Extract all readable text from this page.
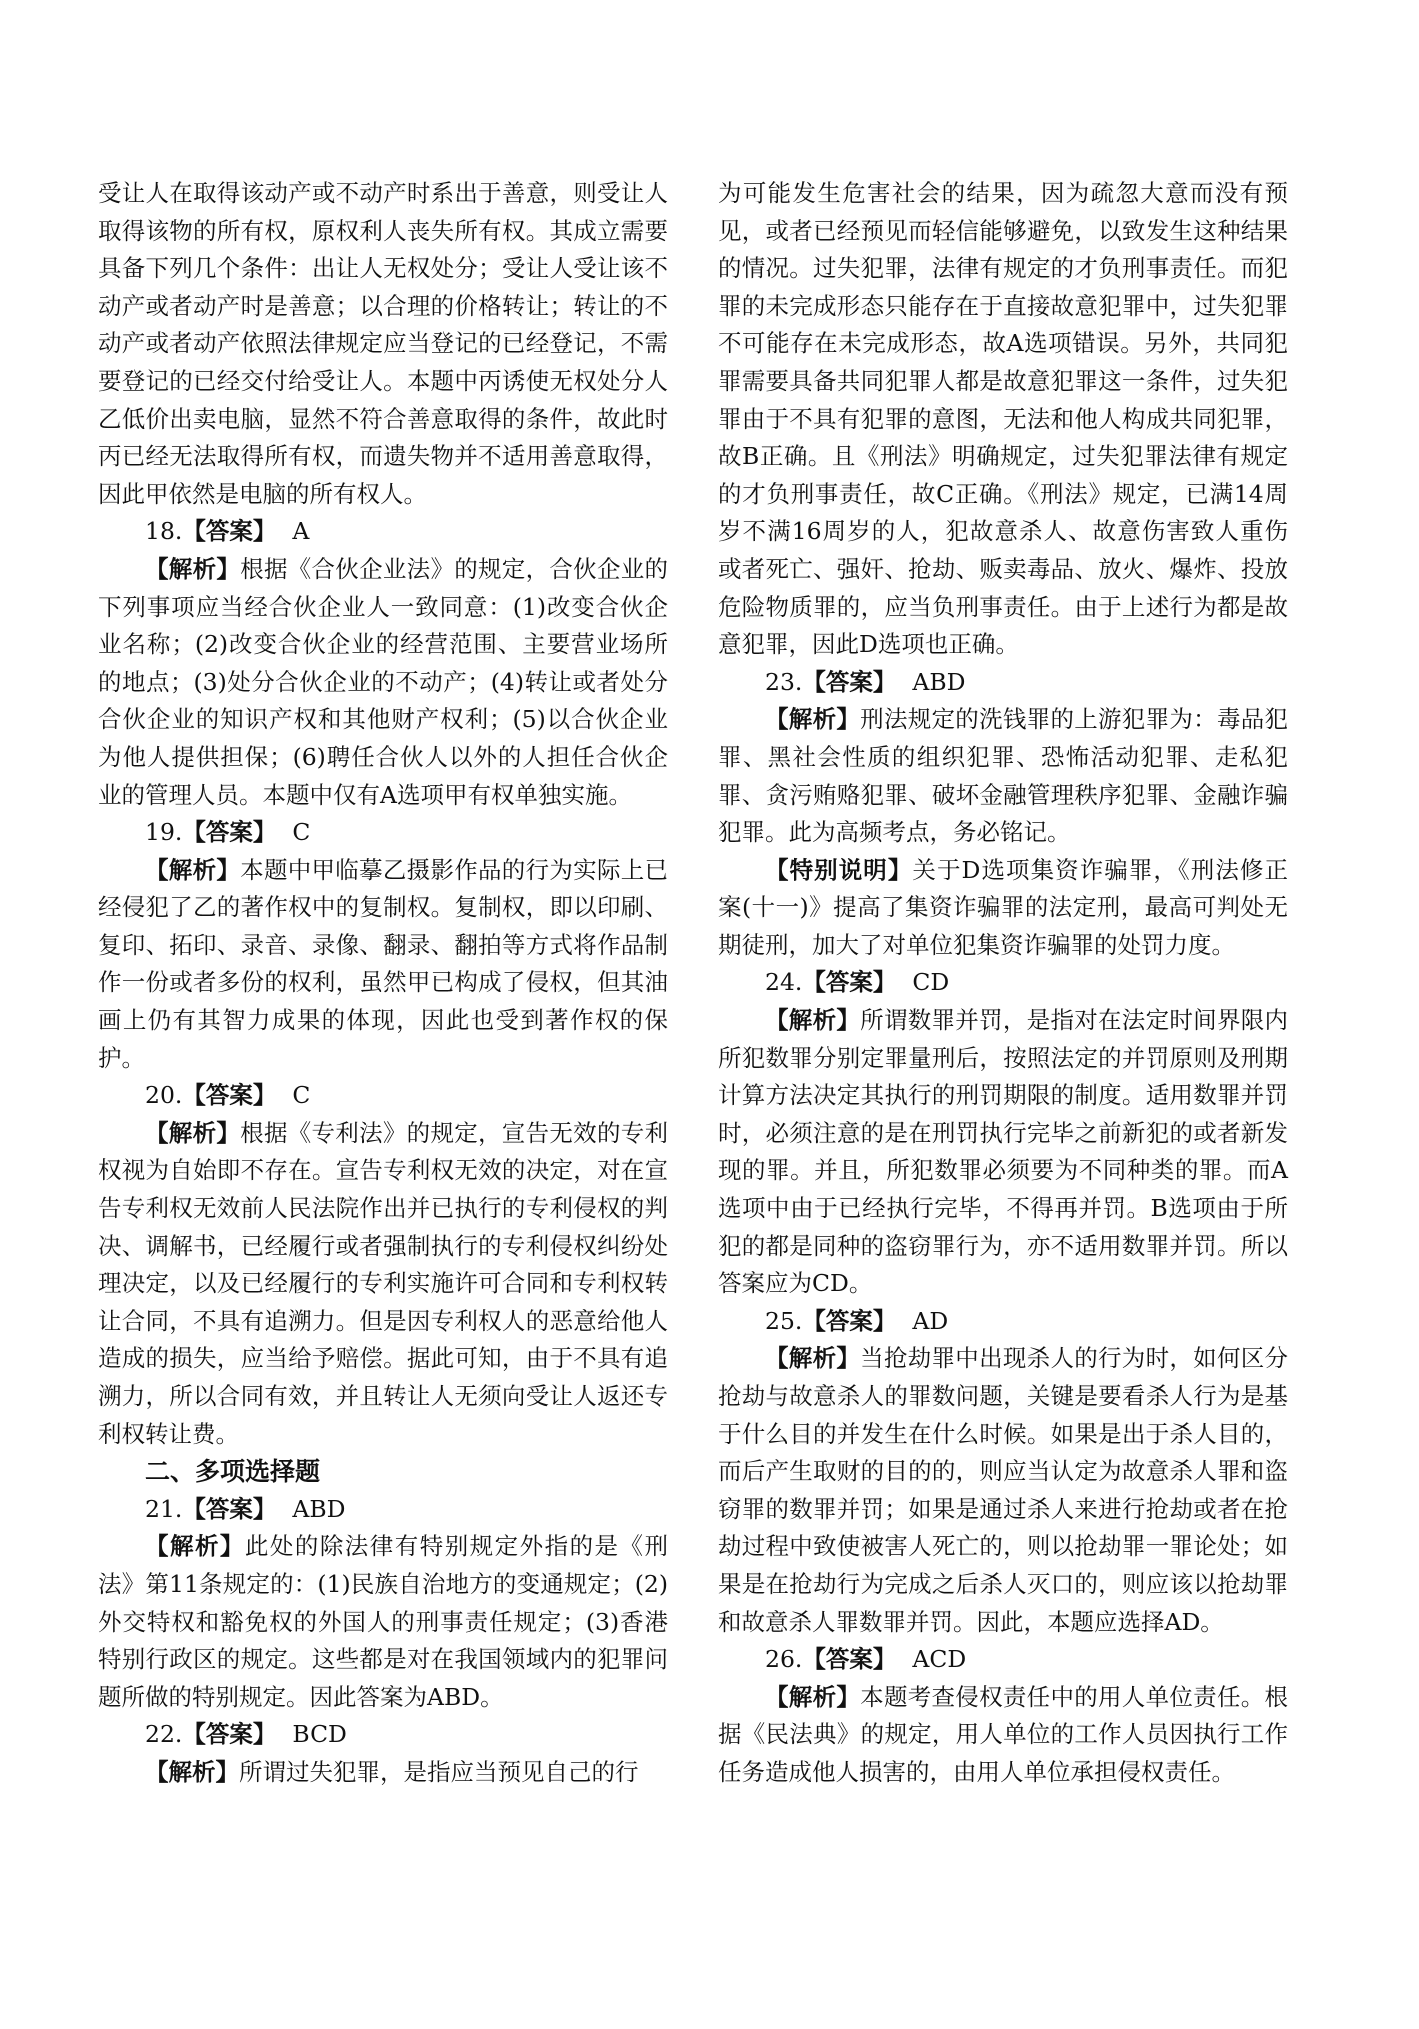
受让人在取得该动产或不动产时系出于善意，则受让人取得该物的所有权，原权利人丧失所有权。其成立需要具备下列几个条件：出让人无权处分；受让人受让该不动产或者动产时是善意；以合理的价格转让；转让的不动产或者动产依照法律规定应当登记的已经登记，不需要登记的已经交付给受让人。本题中丙诱使无权处分人乙低价出卖电脑，显然不符合善意取得的条件，故此时丙已经无法取得所有权，而遗失物并不适用善意取得，因此甲依然是电脑的所有权人。

18.【答案】 A

【解析】根据《合伙企业法》的规定，合伙企业的下列事项应当经合伙企业人一致同意：(1)改变合伙企业名称；(2)改变合伙企业的经营范围、主要营业场所的地点；(3)处分合伙企业的不动产；(4)转让或者处分合伙企业的知识产权和其他财产权利；(5)以合伙企业为他人提供担保；(6)聘任合伙人以外的人担任合伙企业的管理人员。本题中仅有A选项甲有权单独实施。

19.【答案】 C

【解析】本题中甲临摹乙摄影作品的行为实际上已经侵犯了乙的著作权中的复制权。复制权，即以印刷、复印、拓印、录音、录像、翻录、翻拍等方式将作品制作一份或者多份的权利，虽然甲已构成了侵权，但其油画上仍有其智力成果的体现，因此也受到著作权的保护。

20.【答案】 C

【解析】根据《专利法》的规定，宣告无效的专利权视为自始即不存在。宣告专利权无效的决定，对在宣告专利权无效前人民法院作出并已执行的专利侵权的判决、调解书，已经履行或者强制执行的专利侵权纠纷处理决定，以及已经履行的专利实施许可合同和专利权转让合同，不具有追溯力。但是因专利权人的恶意给他人造成的损失，应当给予赔偿。据此可知，由于不具有追溯力，所以合同有效，并且转让人无须向受让人返还专利权转让费。

二、多项选择题

21.【答案】 ABD

【解析】此处的除法律有特别规定外指的是《刑法》第11条规定的：(1)民族自治地方的变通规定；(2)外交特权和豁免权的外国人的刑事责任规定；(3)香港特别行政区的规定。这些都是对在我国领域内的犯罪问题所做的特别规定。因此答案为ABD。

22.【答案】 BCD

【解析】所谓过失犯罪，是指应当预见自己的行

为可能发生危害社会的结果，因为疏忽大意而没有预见，或者已经预见而轻信能够避免，以致发生这种结果的情况。过失犯罪，法律有规定的才负刑事责任。而犯罪的未完成形态只能存在于直接故意犯罪中，过失犯罪不可能存在未完成形态，故A选项错误。另外，共同犯罪需要具备共同犯罪人都是故意犯罪这一条件，过失犯罪由于不具有犯罪的意图，无法和他人构成共同犯罪，故B正确。且《刑法》明确规定，过失犯罪法律有规定的才负刑事责任，故C正确。《刑法》规定，已满14周岁不满16周岁的人，犯故意杀人、故意伤害致人重伤或者死亡、强奸、抢劫、贩卖毒品、放火、爆炸、投放危险物质罪的，应当负刑事责任。由于上述行为都是故意犯罪，因此D选项也正确。

23.【答案】 ABD

【解析】刑法规定的洗钱罪的上游犯罪为：毒品犯罪、黑社会性质的组织犯罪、恐怖活动犯罪、走私犯罪、贪污贿赂犯罪、破坏金融管理秩序犯罪、金融诈骗犯罪。此为高频考点，务必铭记。

【特别说明】关于D选项集资诈骗罪，《刑法修正案(十一)》提高了集资诈骗罪的法定刑，最高可判处无期徒刑，加大了对单位犯集资诈骗罪的处罚力度。

24.【答案】 CD

【解析】所谓数罪并罚，是指对在法定时间界限内所犯数罪分别定罪量刑后，按照法定的并罚原则及刑期计算方法决定其执行的刑罚期限的制度。适用数罪并罚时，必须注意的是在刑罚执行完毕之前新犯的或者新发现的罪。并且，所犯数罪必须要为不同种类的罪。而A选项中由于已经执行完毕，不得再并罚。B选项由于所犯的都是同种的盗窃罪行为，亦不适用数罪并罚。所以答案应为CD。

25.【答案】 AD

【解析】当抢劫罪中出现杀人的行为时，如何区分抢劫与故意杀人的罪数问题，关键是要看杀人行为是基于什么目的并发生在什么时候。如果是出于杀人目的，而后产生取财的目的的，则应当认定为故意杀人罪和盗窃罪的数罪并罚；如果是通过杀人来进行抢劫或者在抢劫过程中致使被害人死亡的，则以抢劫罪一罪论处；如果是在抢劫行为完成之后杀人灭口的，则应该以抢劫罪和故意杀人罪数罪并罚。因此，本题应选择AD。

26.【答案】 ACD

【解析】本题考查侵权责任中的用人单位责任。根据《民法典》的规定，用人单位的工作人员因执行工作任务造成他人损害的，由用人单位承担侵权责任。
